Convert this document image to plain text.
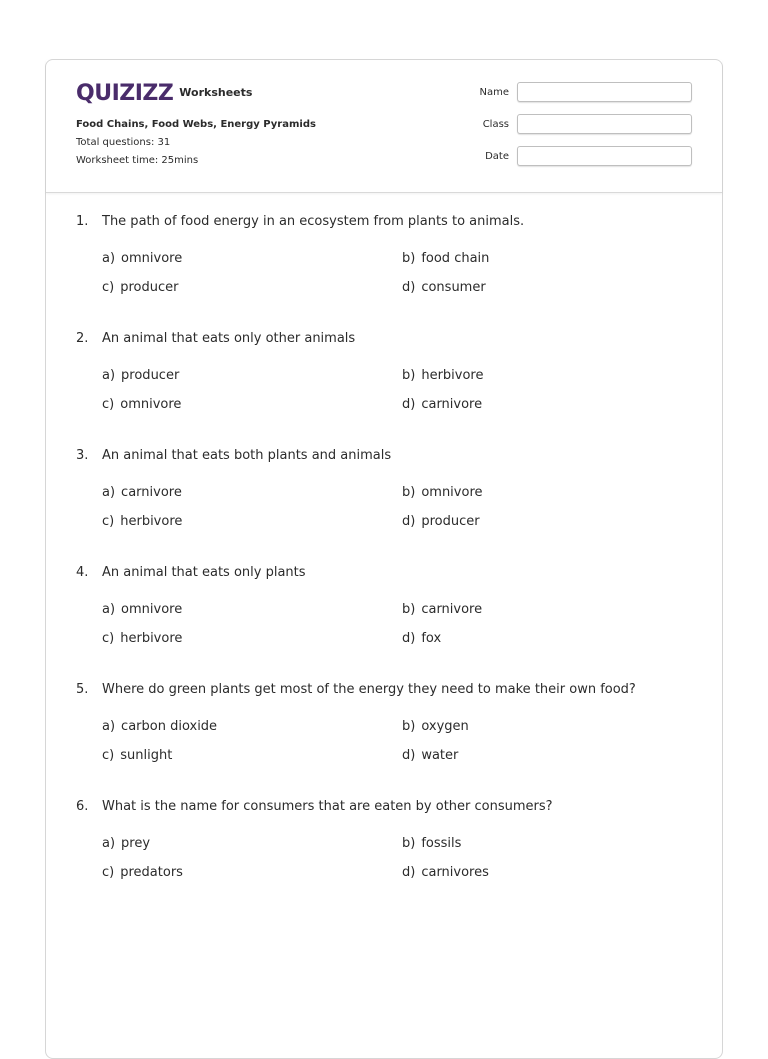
QUIZIZZ Worksheets
Food Chains, Food Webs, Energy Pyramids
Total questions: 31
Worksheet time: 25mins
Name
Class
Date
1. The path of food energy in an ecosystem from plants to animals.
a) omnivore	b) food chain
c) producer	d) consumer
2. An animal that eats only other animals
a) producer	b) herbivore
c) omnivore	d) carnivore
3. An animal that eats both plants and animals
a) carnivore	b) omnivore
c) herbivore	d) producer
4. An animal that eats only plants
a) omnivore	b) carnivore
c) herbivore	d) fox
5. Where do green plants get most of the energy they need to make their own food?
a) carbon dioxide	b) oxygen
c) sunlight	d) water
6. What is the name for consumers that are eaten by other consumers?
a) prey	b) fossils
c) predators	d) carnivores
